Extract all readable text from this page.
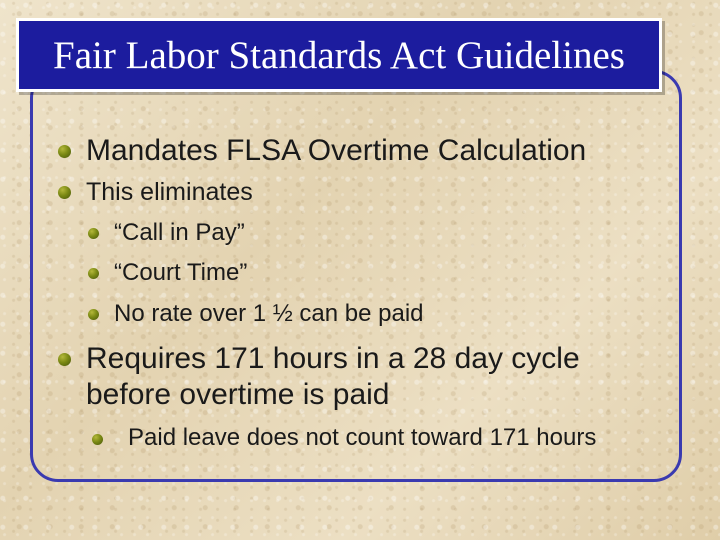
Fair Labor Standards Act Guidelines
Mandates FLSA Overtime Calculation
This eliminates
“Call in Pay”
“Court Time”
No rate over 1 ½ can be paid
Requires 171 hours in a 28 day cycle
before overtime is paid
Paid leave does not count toward 171 hours
